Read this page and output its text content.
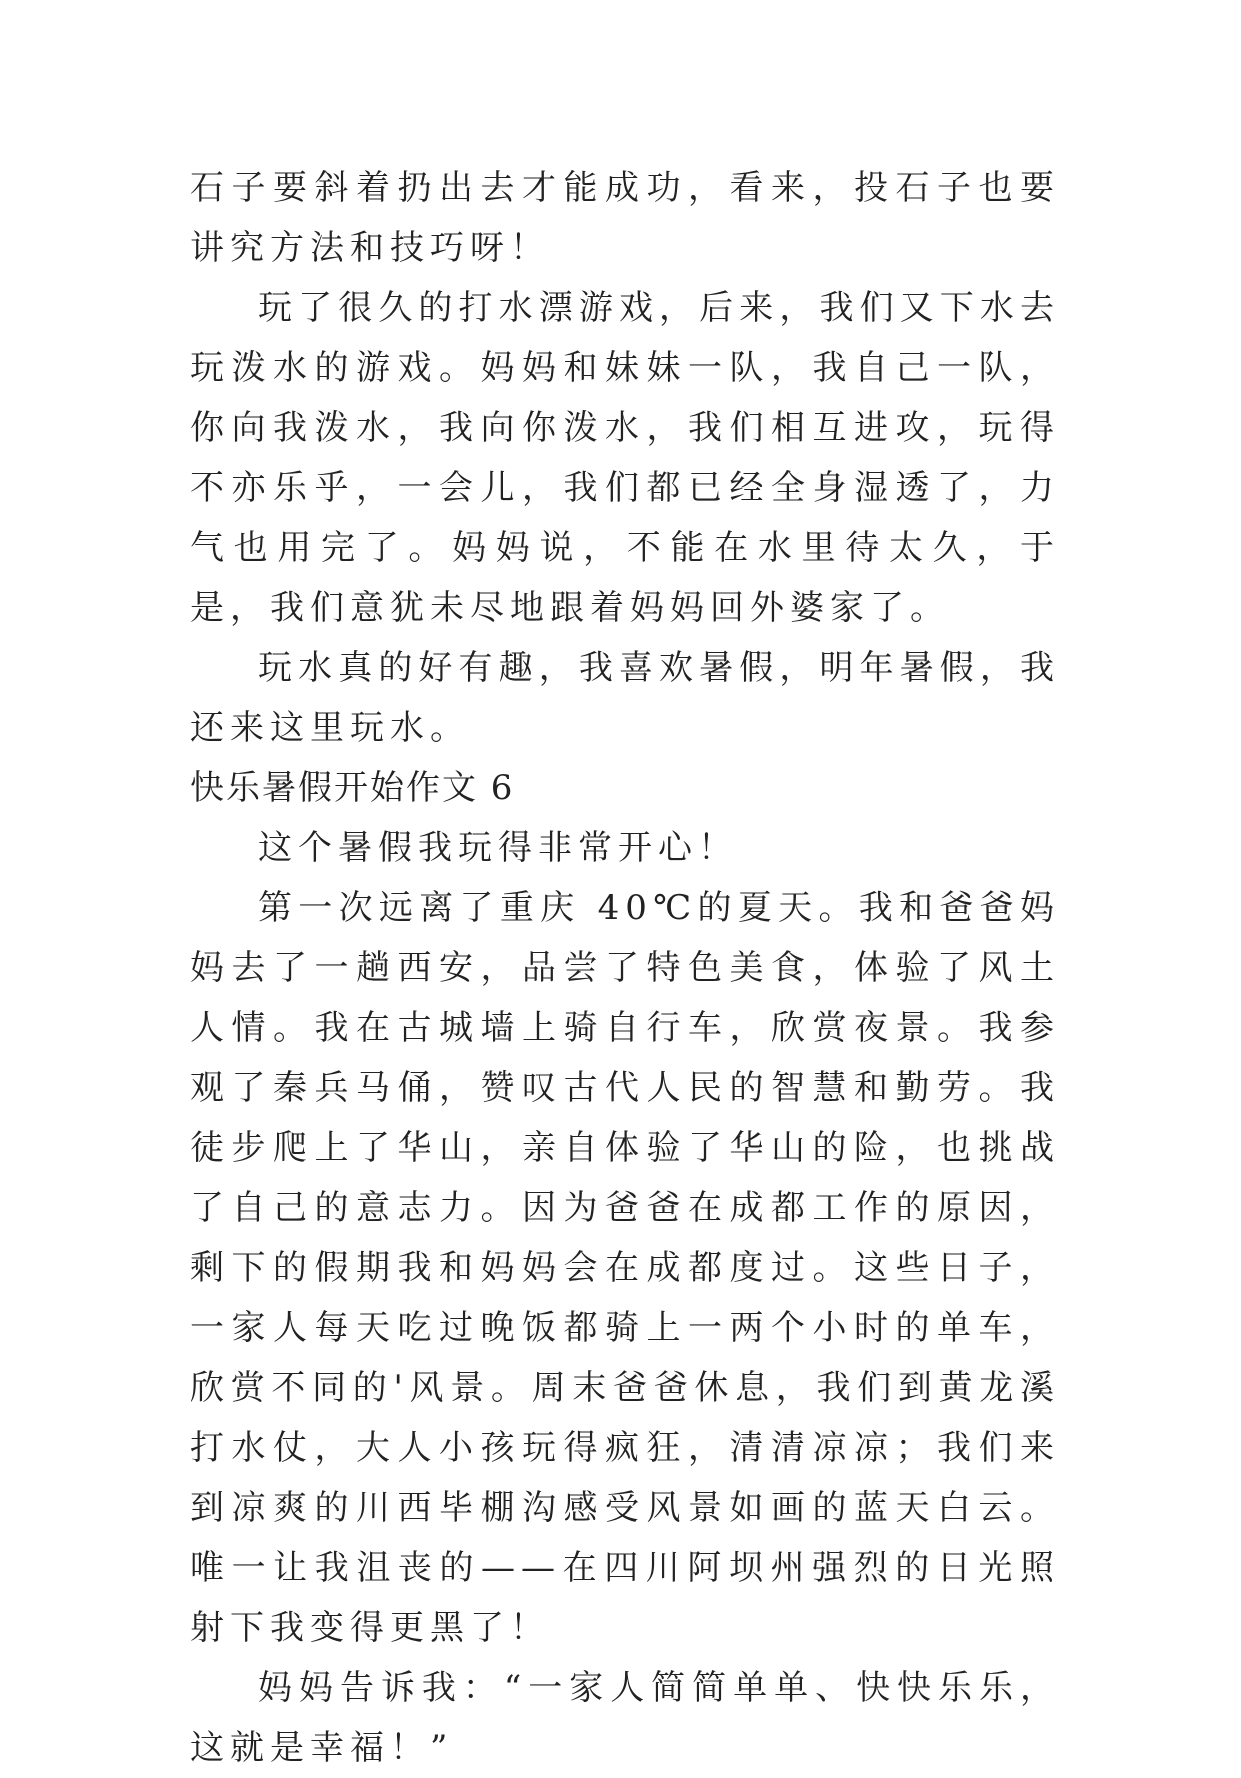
石子要斜着扔出去才能成功，看来，投石子也要讲究方法和技巧呀！

玩了很久的打水漂游戏，后来，我们又下水去玩泼水的游戏。妈妈和妹妹一队，我自己一队，你向我泼水，我向你泼水，我们相互进攻，玩得不亦乐乎，一会儿，我们都已经全身湿透了，力气也用完了。妈妈说，不能在水里待太久，于是，我们意犹未尽地跟着妈妈回外婆家了。

玩水真的好有趣，我喜欢暑假，明年暑假，我还来这里玩水。

快乐暑假开始作文 6

这个暑假我玩得非常开心！

第一次远离了重庆 40℃的夏天。我和爸爸妈妈去了一趟西安，品尝了特色美食，体验了风土人情。我在古城墙上骑自行车，欣赏夜景。我参观了秦兵马俑，赞叹古代人民的智慧和勤劳。我徒步爬上了华山，亲自体验了华山的险，也挑战了自己的意志力。因为爸爸在成都工作的原因，剩下的假期我和妈妈会在成都度过。这些日子，一家人每天吃过晚饭都骑上一两个小时的单车，欣赏不同的'风景。周末爸爸休息，我们到黄龙溪打水仗，大人小孩玩得疯狂，清清凉凉；我们来到凉爽的川西毕棚沟感受风景如画的蓝天白云。唯一让我沮丧的——在四川阿坝州强烈的日光照射下我变得更黑了！

妈妈告诉我：“一家人简简单单、快快乐乐，这就是幸福！”
